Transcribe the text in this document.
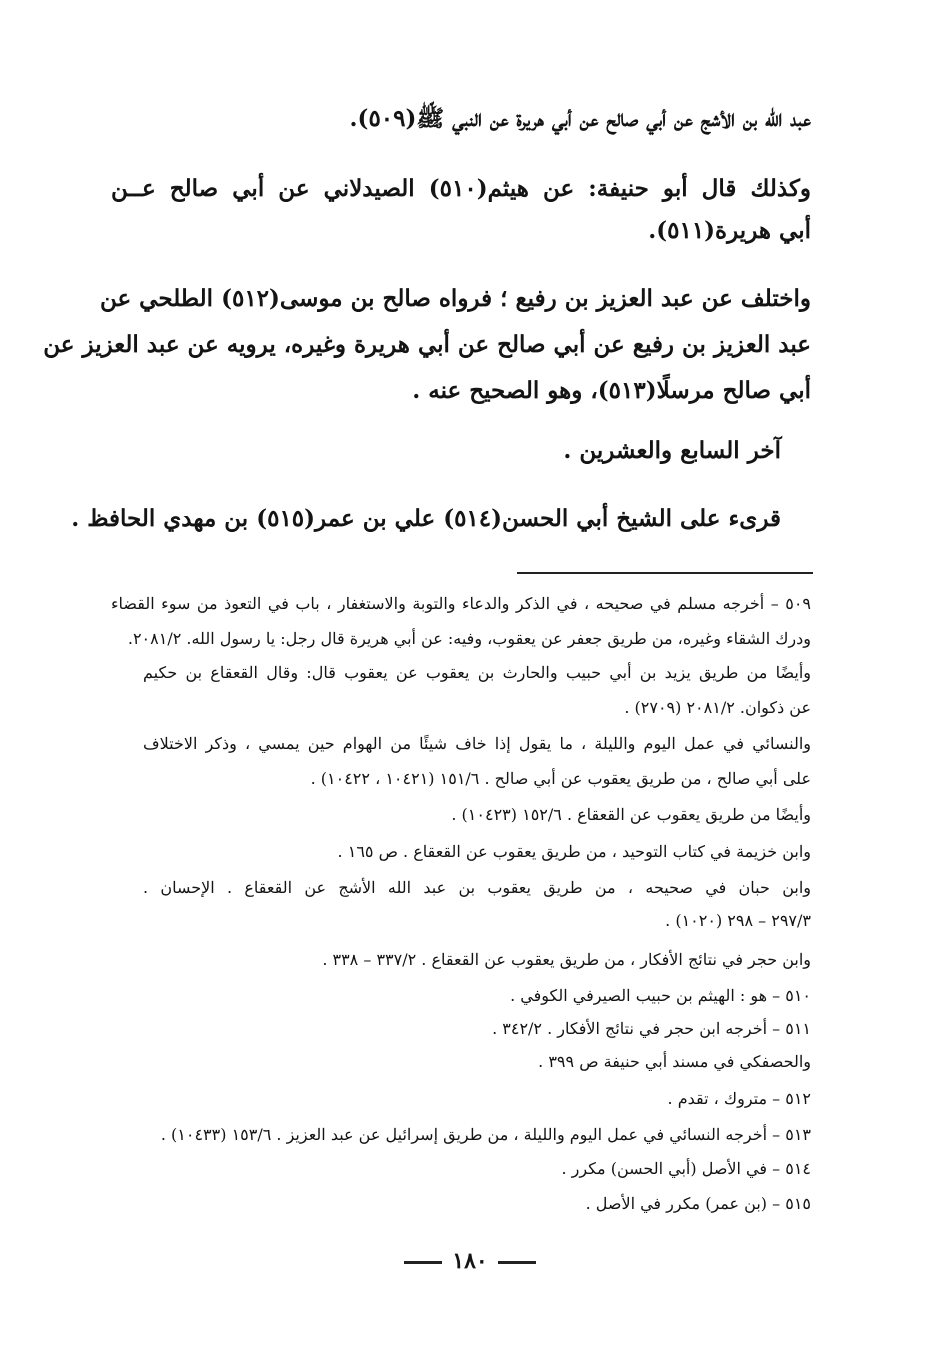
عبد الله بن الأشج عن أبي صالح عن أبي هريرة عن النبي ﷺ(٥٠٩).
وكذلك قال أبو حنيفة: عن هيثم(٥١٠) الصيدلاني عن أبي صالح عــن
أبي هريرة(٥١١).
واختلف عن عبد العزيز بن رفيع ؛ فرواه صالح بن موسى(٥١٢) الطلحي عن
عبد العزيز بن رفيع عن أبي صالح عن أبي هريرة وغيره، يرويه عن عبد العزيز عن
أبي صالح مرسلًا(٥١٣)، وهو الصحيح عنه .
آخر السابع والعشرين .
قرىء على الشيخ أبي الحسن(٥١٤) علي بن عمر(٥١٥) بن مهدي الحافظ .
٥٠٩ – أخرجه مسلم في صحيحه ، في الذكر والدعاء والتوبة والاستغفار ، باب في التعوذ من سوء القضاء
ودرك الشقاء وغيره، من طريق جعفر عن يعقوب، وفيه: عن أبي هريرة قال رجل: يا رسول الله. ٢٠٨١/٢.
وأيضًا من طريق يزيد بن أبي حبيب والحارث بن يعقوب عن يعقوب قال: وقال القعقاع بن حكيم
عن ذكوان. ٢٠٨١/٢ (٢٧٠٩) .
والنسائي في عمل اليوم والليلة ، ما يقول إذا خاف شيئًا من الهوام حين يمسي ، وذكر الاختلاف
على أبي صالح ، من طريق يعقوب عن أبي صالح . ١٥١/٦ (١٠٤٢١ ، ١٠٤٢٢) .
وأيضًا من طريق يعقوب عن القعقاع . ١٥٢/٦ (١٠٤٢٣) .
وابن خزيمة في كتاب التوحيد ، من طريق يعقوب عن القعقاع . ص ١٦٥ .
وابن حبان في صحيحه ، من طريق يعقوب بن عبد الله الأشج عن القعقاع . الإحسان .
٢٩٧/٣ – ٢٩٨ (١٠٢٠) .
وابن حجر في نتائج الأفكار ، من طريق يعقوب عن القعقاع . ٣٣٧/٢ – ٣٣٨ .
٥١٠ – هو : الهيثم بن حبيب الصيرفي الكوفي .
٥١١ – أخرجه ابن حجر في نتائج الأفكار . ٣٤٢/٢ .
والحصفكي في مسند أبي حنيفة ص ٣٩٩ .
٥١٢ – متروك ، تقدم .
٥١٣ – أخرجه النسائي في عمل اليوم والليلة ، من طريق إسرائيل عن عبد العزيز . ١٥٣/٦ (١٠٤٣٣) .
٥١٤ – في الأصل (أبي الحسن) مكرر .
٥١٥ – (بن عمر) مكرر في الأصل .
١٨٠
